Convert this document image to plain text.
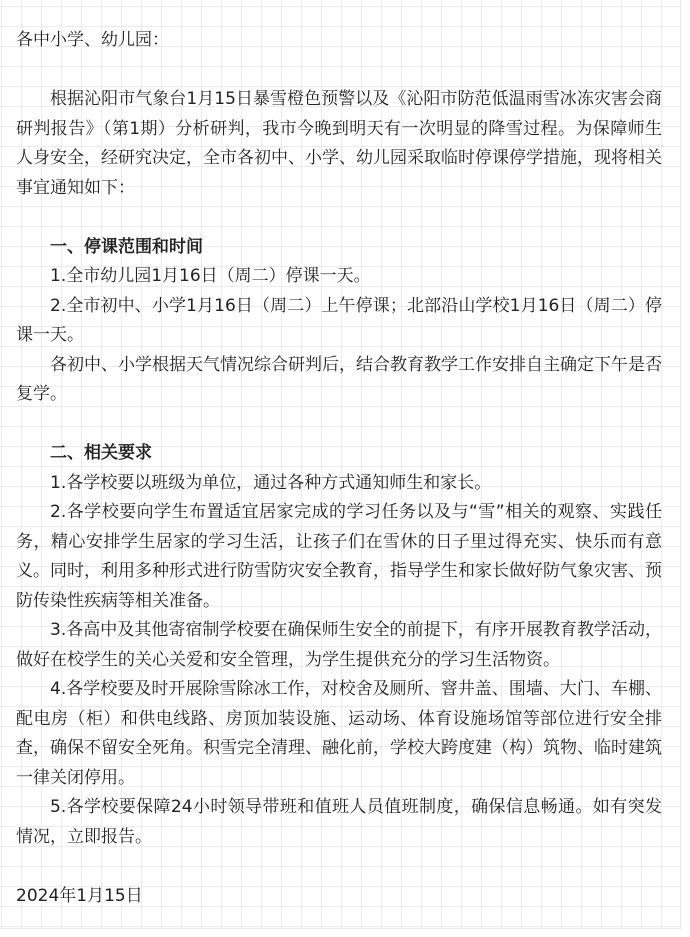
各中小学、幼儿园：

根据沁阳市气象台1月15日暴雪橙色预警以及《沁阳市防范低温雨雪冰冻灾害会商研判报告》（第1期）分析研判，我市今晚到明天有一次明显的降雪过程。为保障师生人身安全，经研究决定，全市各初中、小学、幼儿园采取临时停课停学措施，现将相关事宜通知如下：

一、停课范围和时间

1.全市幼儿园1月16日（周二）停课一天。

2.全市初中、小学1月16日（周二）上午停课；北部沿山学校1月16日（周二）停课一天。

各初中、小学根据天气情况综合研判后，结合教育教学工作安排自主确定下午是否复学。

二、相关要求

1.各学校要以班级为单位，通过各种方式通知师生和家长。

2.各学校要向学生布置适宜居家完成的学习任务以及与“雪”相关的观察、实践任务，精心安排学生居家的学习生活，让孩子们在雪休的日子里过得充实、快乐而有意义。同时，利用多种形式进行防雪防灾安全教育，指导学生和家长做好防气象灾害、预防传染性疾病等相关准备。

3.各高中及其他寄宿制学校要在确保师生安全的前提下，有序开展教育教学活动，做好在校学生的关心关爱和安全管理，为学生提供充分的学习生活物资。

4.各学校要及时开展除雪除冰工作，对校舍及厕所、窨井盖、围墙、大门、车棚、配电房（柜）和供电线路、房顶加装设施、运动场、体育设施场馆等部位进行安全排查，确保不留安全死角。积雪完全清理、融化前，学校大跨度建（构）筑物、临时建筑一律关闭停用。

5.各学校要保障24小时领导带班和值班人员值班制度，确保信息畅通。如有突发情况，立即报告。

2024年1月15日
